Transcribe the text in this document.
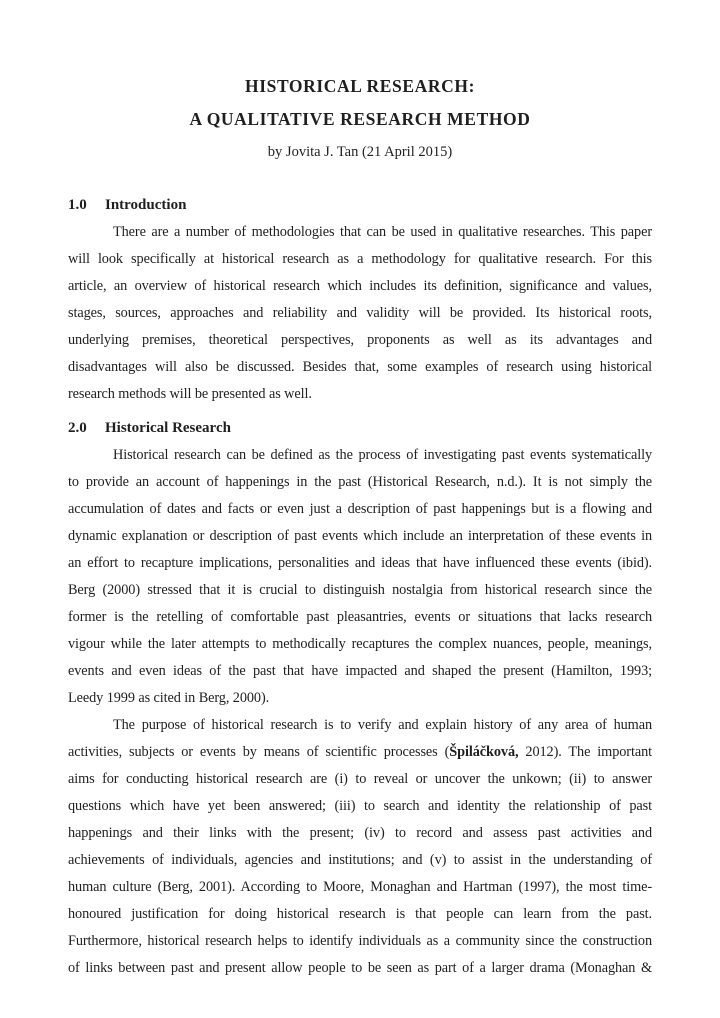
HISTORICAL RESEARCH:
A QUALITATIVE RESEARCH METHOD
by Jovita J. Tan (21 April 2015)
1.0	Introduction
There are a number of methodologies that can be used in qualitative researches. This paper
will look specifically at historical research as a methodology for qualitative research. For this
article, an overview of historical research which includes its definition, significance and values,
stages, sources, approaches and reliability and validity will be provided. Its historical roots,
underlying premises, theoretical perspectives, proponents as well as its advantages and
disadvantages will also be discussed. Besides that, some examples of research using historical
research methods will be presented as well.
2.0	Historical Research
Historical research can be defined as the process of investigating past events systematically
to provide an account of happenings in the past (Historical Research, n.d.). It is not simply the
accumulation of dates and facts or even just a description of past happenings but is a flowing and
dynamic explanation or description of past events which include an interpretation of these events in
an effort to recapture implications, personalities and ideas that have influenced these events (ibid).
Berg (2000) stressed that it is crucial to distinguish nostalgia from historical research since the
former is the retelling of comfortable past pleasantries, events or situations that lacks research
vigour while the later attempts to methodically recaptures the complex nuances, people, meanings,
events and even ideas of the past that have impacted and shaped the present (Hamilton, 1993;
Leedy 1999 as cited in Berg, 2000).
The purpose of historical research is to verify and explain history of any area of human
activities, subjects or events by means of scientific processes (Špiláčková, 2012). The important
aims for conducting historical research are (i) to reveal or uncover the unkown; (ii) to answer
questions which have yet been answered; (iii) to search and identity the relationship of past
happenings and their links with the present; (iv) to record and assess past activities and
achievements of individuals, agencies and institutions; and (v) to assist in the understanding of
human culture (Berg, 2001). According to Moore, Monaghan and Hartman (1997), the most time-
honoured justification for doing historical research is that people can learn from the past.
Furthermore, historical research helps to identify individuals as a community since the construction
of links between past and present allow people to be seen as part of a larger drama (Monaghan &
